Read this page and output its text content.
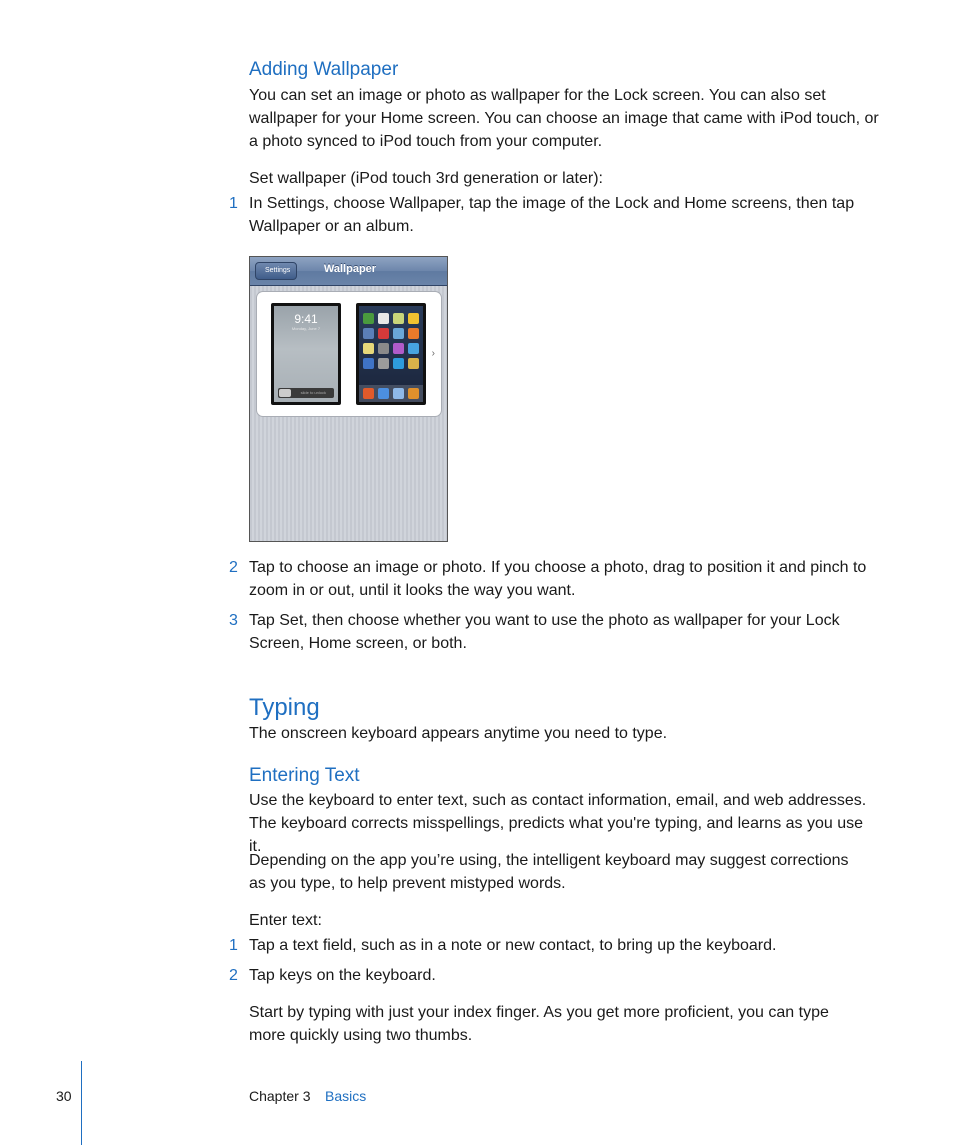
Adding Wallpaper
You can set an image or photo as wallpaper for the Lock screen. You can also set wallpaper for your Home screen. You can choose an image that came with iPod touch, or a photo synced to iPod touch from your computer.
Set wallpaper (iPod touch 3rd generation or later):
1 In Settings, choose Wallpaper, tap the image of the Lock and Home screens, then tap Wallpaper or an album.
Settings	Wallpaper
9:41
Monday, June 7
slide to unlock
›
2 Tap to choose an image or photo. If you choose a photo, drag to position it and pinch to zoom in or out, until it looks the way you want.
3 Tap Set, then choose whether you want to use the photo as wallpaper for your Lock Screen, Home screen, or both.
Typing
The onscreen keyboard appears anytime you need to type.
Entering Text
Use the keyboard to enter text, such as contact information, email, and web addresses. The keyboard corrects misspellings, predicts what you're typing, and learns as you use it.
Depending on the app you’re using, the intelligent keyboard may suggest corrections as you type, to help prevent mistyped words.
Enter text:
1 Tap a text field, such as in a note or new contact, to bring up the keyboard.
2 Tap keys on the keyboard.
Start by typing with just your index finger. As you get more proficient, you can type more quickly using two thumbs.
30	Chapter 3 Basics
